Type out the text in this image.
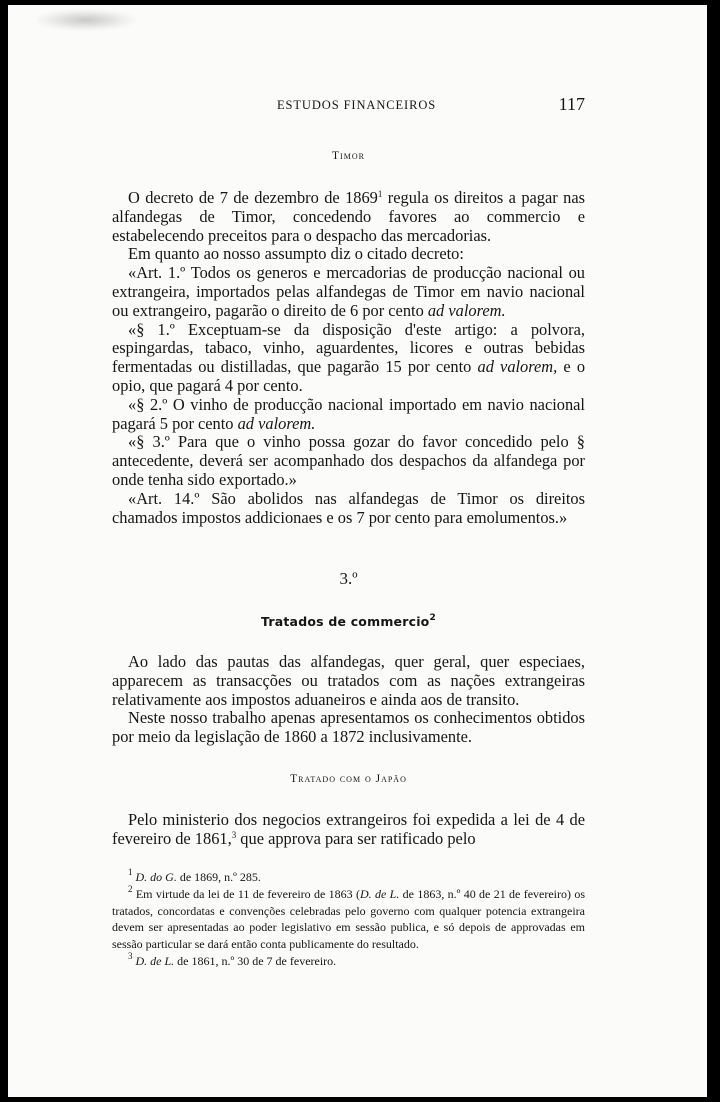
ESTUDOS FINANCEIROS	117
Timor

O decreto de 7 de dezembro de 1869$^1$ regula os direitos a pagar nas alfandegas de Timor, concedendo favores ao commercio e estabelecendo preceitos para o despacho das mercadorias.

Em quanto ao nosso assumpto diz o citado decreto:

«Art. 1.º Todos os generos e mercadorias de producção nacional ou extrangeira, importados pelas alfandegas de Timor em navio nacional ou extrangeiro, pagarão o direito de 6 por cento ad valorem.

«§ 1.º Exceptuam-se da disposição d'este artigo: a polvora, espingardas, tabaco, vinho, aguardentes, licores e outras bebidas fermentadas ou distilladas, que pagarão 15 por cento ad valorem, e o opio, que pagará 4 por cento.

«§ 2.º O vinho de producção nacional importado em navio nacional pagará 5 por cento ad valorem.

«§ 3.º Para que o vinho possa gozar do favor concedido pelo § antecedente, deverá ser acompanhado dos despachos da alfandega por onde tenha sido exportado.»

«Art. 14.º São abolidos nas alfandegas de Timor os direitos chamados impostos addicionaes e os 7 por cento para emolumentos.»

3.º
Tratados de commercio$^2$

Ao lado das pautas das alfandegas, quer geral, quer especiaes, apparecem as transacções ou tratados com as nações extrangeiras relativamente aos impostos aduaneiros e ainda aos de transito.

Neste nosso trabalho apenas apresentamos os conhecimentos obtidos por meio da legislação de 1860 a 1872 inclusivamente.

Tratado com o Japão

Pelo ministerio dos negocios extrangeiros foi expedida a lei de 4 de fevereiro de 1861,$^3$ que approva para ser ratificado pelo

$^1$ D. do G. de 1869, n.º 285.

$^2$ Em virtude da lei de 11 de fevereiro de 1863 (D. de L. de 1863, n.º 40 de 21 de fevereiro) os tratados, concordatas e convenções celebradas pelo governo com qualquer potencia extrangeira devem ser apresentadas ao poder legislativo em sessão publica, e só depois de approvadas em sessão particular se dará então conta publicamente do resultado.

$^3$ D. de L. de 1861, n.º 30 de 7 de fevereiro.
